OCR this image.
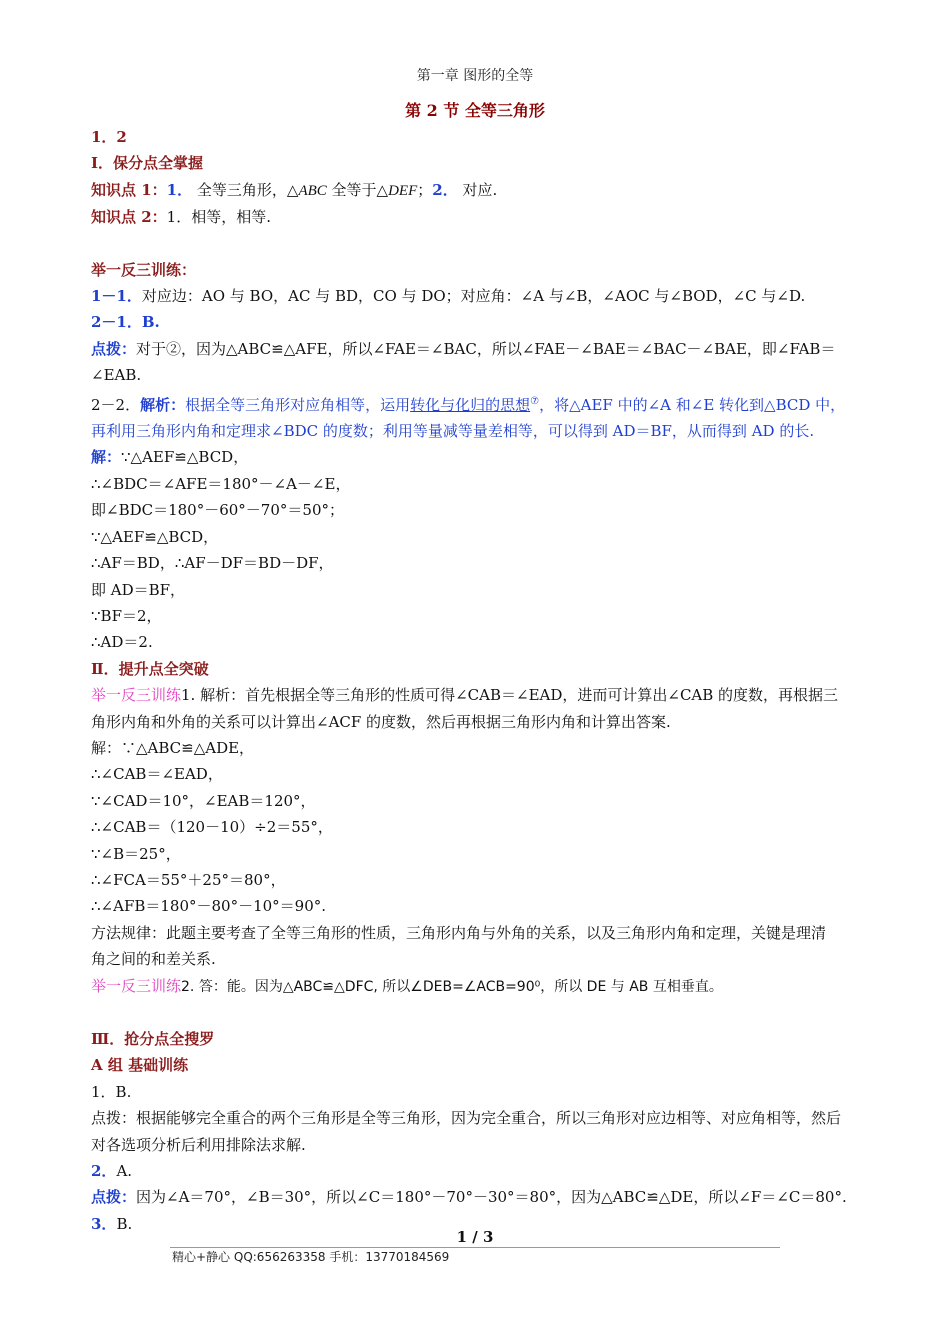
第一章 图形的全等
第 2 节 全等三角形

1．2

Ⅰ．保分点全掌握

知识点 1：1． 全等三角形，△ABC 全等于△DEF；2． 对应.

知识点 2：1．相等，相等.

举一反三训练：

1－1．对应边：AO 与 BO，AC 与 BD，CO 与 DO；对应角：∠A 与∠B，∠AOC 与∠BOD，∠C 与∠D.

2－1．B.

点拨：对于②，因为△ABC≌△AFE，所以∠FAE＝∠BAC，所以∠FAE－∠BAE＝∠BAC－∠BAE，即∠FAB＝

∠EAB.

2－2．解析：根据全等三角形对应角相等，运用转化与化归的思想⑦，将△AEF 中的∠A 和∠E 转化到△BCD 中，

再利用三角形内角和定理求∠BDC 的度数；利用等量减等量差相等，可以得到 AD＝BF，从而得到 AD 的长.

解：∵△AEF≌△BCD，

∴∠BDC＝∠AFE＝180°－∠A－∠E，

即∠BDC＝180°－60°－70°＝50°；

∵△AEF≌△BCD，

∴AF＝BD，∴AF－DF＝BD－DF，

即 AD＝BF，

∵BF＝2，

∴AD＝2.

Ⅱ．提升点全突破

举一反三训练1. 解析：首先根据全等三角形的性质可得∠CAB＝∠EAD，进而可计算出∠CAB 的度数，再根据三

角形内角和外角的关系可以计算出∠ACF 的度数，然后再根据三角形内角和计算出答案.

解：∵△ABC≌△ADE，

∴∠CAB＝∠EAD，

∵∠CAD＝10°，∠EAB＝120°，

∴∠CAB＝（120－10）÷2＝55°，

∵∠B＝25°，

∴∠FCA＝55°＋25°＝80°，

∴∠AFB＝180°－80°－10°＝90°.

方法规律：此题主要考查了全等三角形的性质，三角形内角与外角的关系，以及三角形内角和定理，关键是理清

角之间的和差关系.

举一反三训练2. 答：能。因为△ABC≌△DFC, 所以∠DEB=∠ACB=90⁰，所以 DE 与 AB 互相垂直。

Ⅲ．抢分点全搜罗

A 组 基础训练

1．B.

点拨：根据能够完全重合的两个三角形是全等三角形，因为完全重合，所以三角形对应边相等、对应角相等，然后

对各选项分析后利用排除法求解.

2．A.

点拨：因为∠A＝70°，∠B＝30°，所以∠C＝180°－70°－30°＝80°，因为△ABC≌△DE，所以∠F＝∠C＝80°.

3．B.

1 / 3
精心+静心 QQ:656263358 手机：13770184569
